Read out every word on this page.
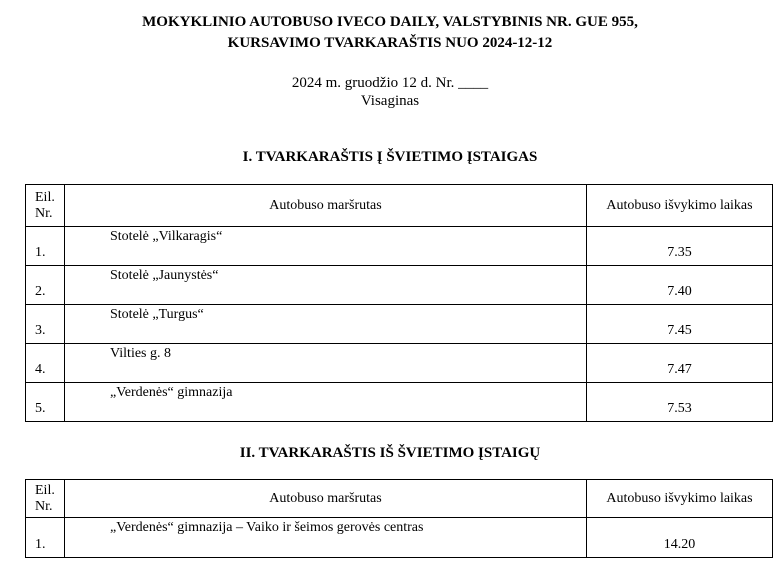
MOKYKLINIO AUTOBUSO IVECO DAILY, VALSTYBINIS NR. GUE 955,
KURSAVIMO TVARKARAŠTIS NUO 2024-12-12
2024 m. gruodžio 12 d. Nr. ____
Visaginas
I. TVARKARAŠTIS Į ŠVIETIMO ĮSTAIGAS
Eil. Nr.	Autobuso maršrutas	Autobuso išvykimo laikas
1.	Stotelė „Vilkaragis“	7.35
2.	Stotelė „Jaunystės“	7.40
3.	Stotelė „Turgus“	7.45
4.	Vilties g. 8	7.47
5.	„Verdenės“ gimnazija	7.53
II. TVARKARAŠTIS IŠ ŠVIETIMO ĮSTAIGŲ
Eil. Nr.	Autobuso maršrutas	Autobuso išvykimo laikas
1.	„Verdenės“ gimnazija – Vaiko ir šeimos gerovės centras	14.20
